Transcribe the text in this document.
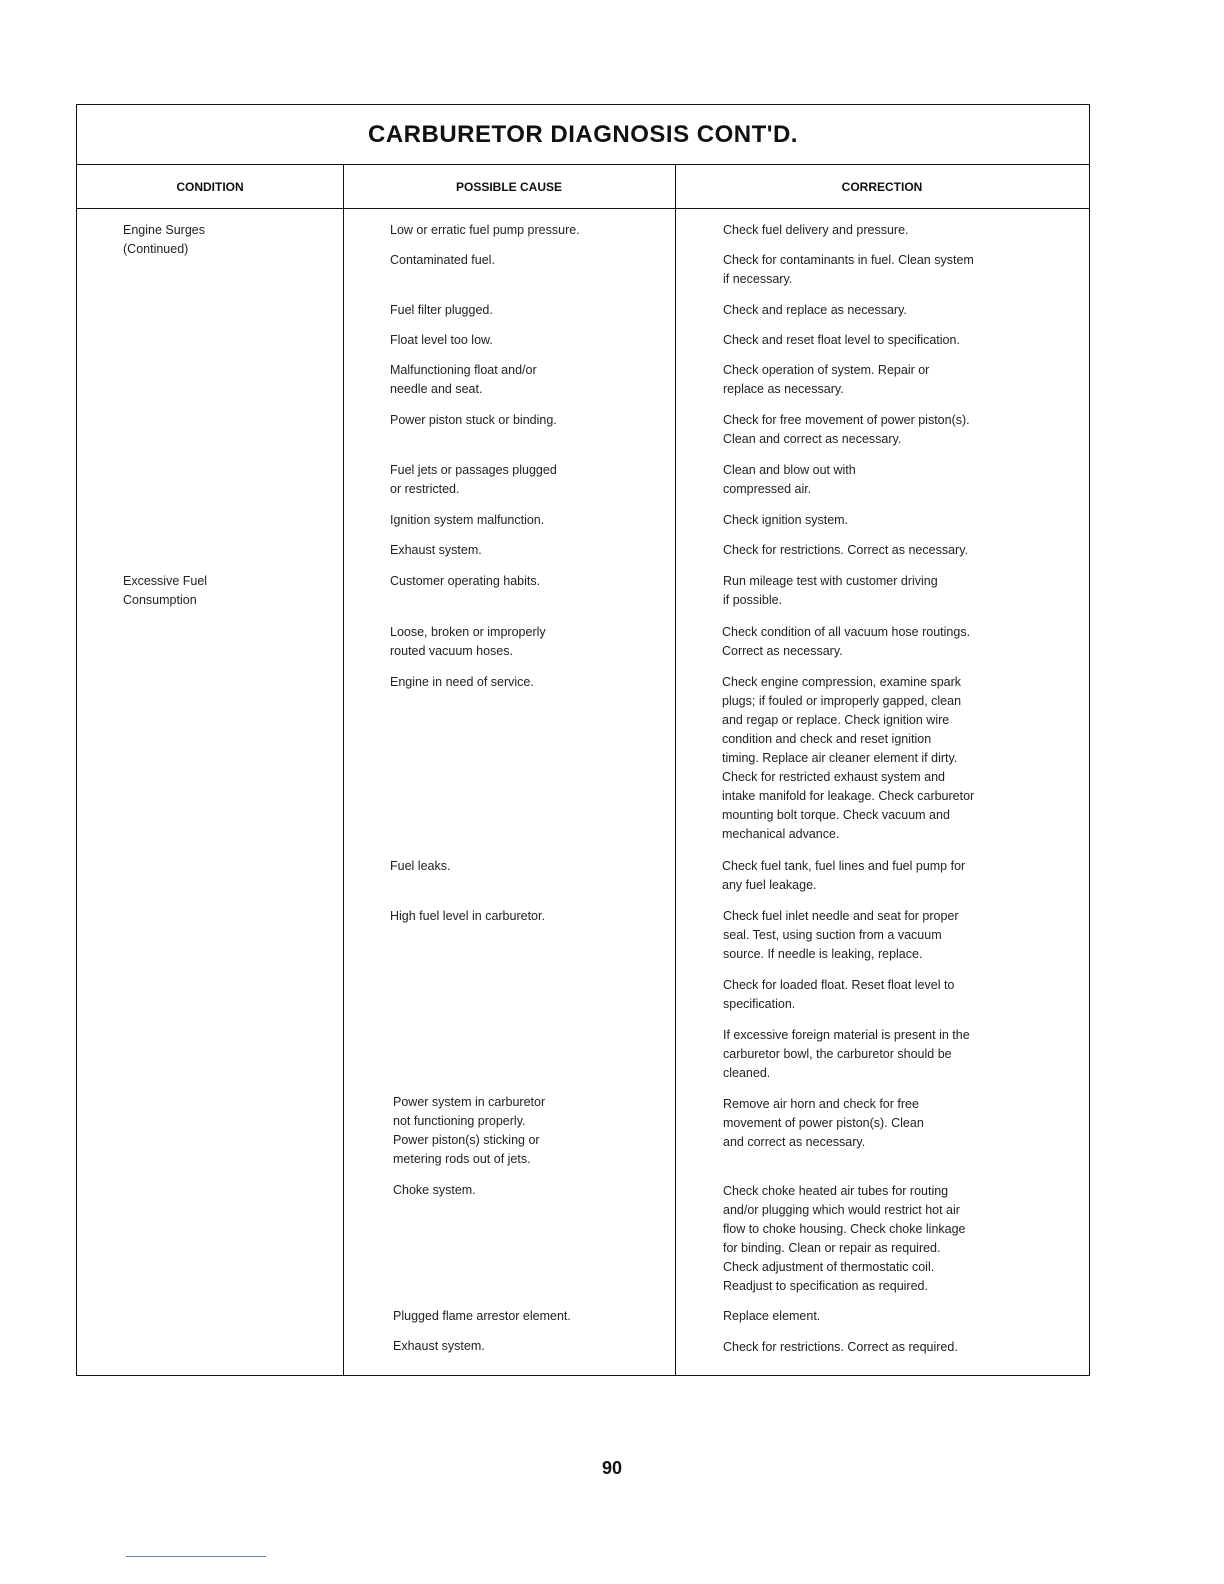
CARBURETOR DIAGNOSIS CONT'D.
CONDITION	POSSIBLE CAUSE	CORRECTION
Engine Surges
(Continued)
Excessive Fuel
Consumption
Low or erratic fuel pump pressure.
Contaminated fuel.
Fuel filter plugged.
Float level too low.
Malfunctioning float and/or
needle and seat.
Power piston stuck or binding.
Fuel jets or passages plugged
or restricted.
Ignition system malfunction.
Exhaust system.
Customer operating habits.
Loose, broken or improperly
routed vacuum hoses.
Engine in need of service.
Fuel leaks.
High fuel level in carburetor.
Power system in carburetor
not functioning properly.
Power piston(s) sticking or
metering rods out of jets.
Choke system.
Plugged flame arrestor element.
Exhaust system.
Check fuel delivery and pressure.
Check for contaminants in fuel. Clean system
if necessary.
Check and replace as necessary.
Check and reset float level to specification.
Check operation of system. Repair or
replace as necessary.
Check for free movement of power piston(s).
Clean and correct as necessary.
Clean and blow out with
compressed air.
Check ignition system.
Check for restrictions. Correct as necessary.
Run mileage test with customer driving
if possible.
Check condition of all vacuum hose routings.
Correct as necessary.
Check engine compression, examine spark
plugs; if fouled or improperly gapped, clean
and regap or replace. Check ignition wire
condition and check and reset ignition
timing. Replace air cleaner element if dirty.
Check for restricted exhaust system and
intake manifold for leakage. Check carburetor
mounting bolt torque. Check vacuum and
mechanical advance.
Check fuel tank, fuel lines and fuel pump for
any fuel leakage.
Check fuel inlet needle and seat for proper
seal. Test, using suction from a vacuum
source. If needle is leaking, replace.
Check for loaded float. Reset float level to
specification.
If excessive foreign material is present in the
carburetor bowl, the carburetor should be
cleaned.
Remove air horn and check for free
movement of power piston(s). Clean
and correct as necessary.
Check choke heated air tubes for routing
and/or plugging which would restrict hot air
flow to choke housing. Check choke linkage
for binding. Clean or repair as required.
Check adjustment of thermostatic coil.
Readjust to specification as required.
Replace element.
Check for restrictions. Correct as required.
90
